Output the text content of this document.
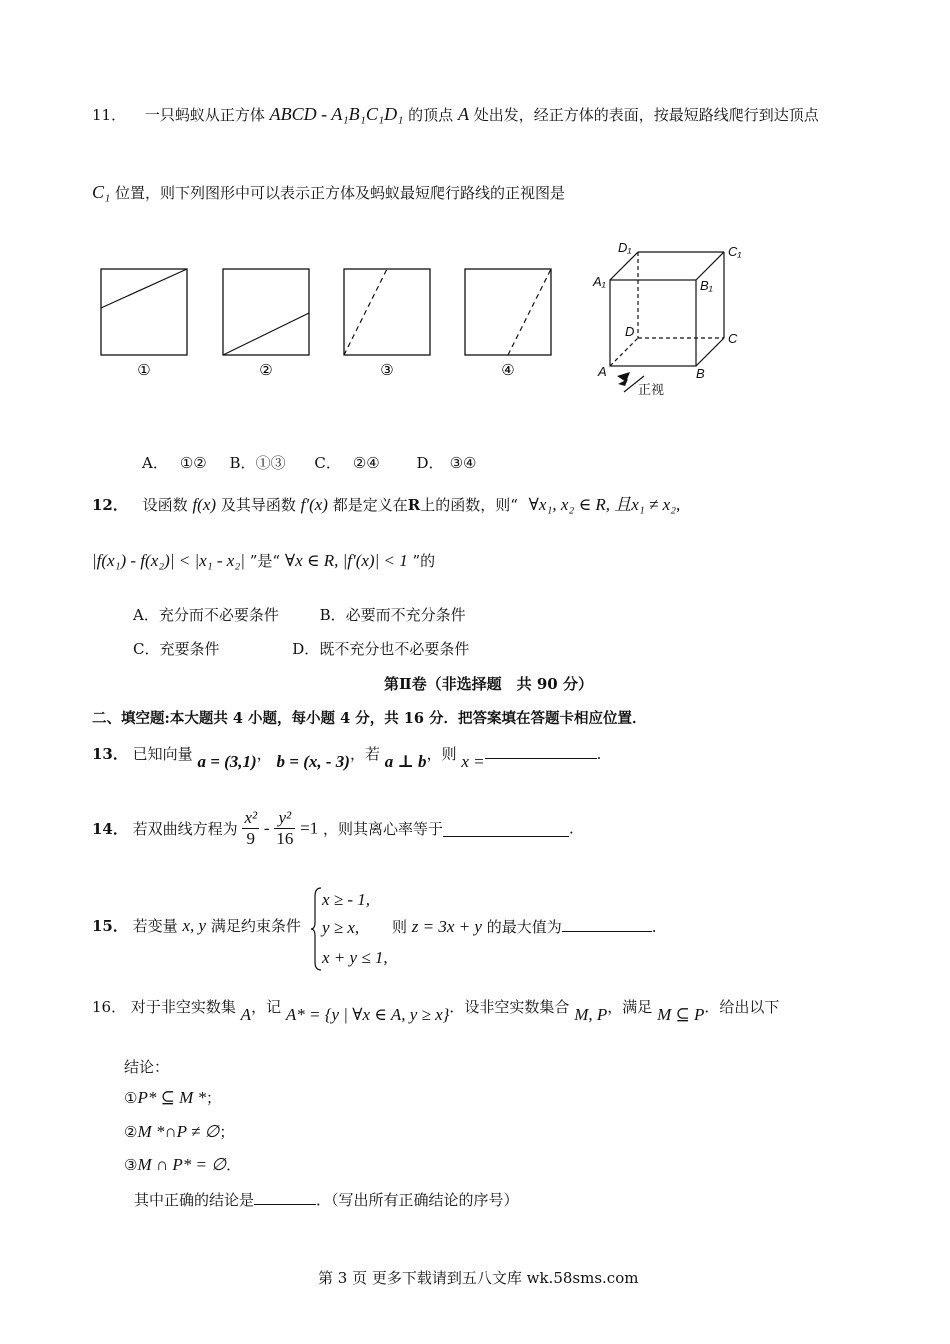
11． 一只蚂蚁从正方体 ABCD - A₁B₁C₁D₁ 的顶点 A 处出发，经正方体的表面，按最短路线爬行到达顶点
C₁ 位置，则下列图形中可以表示正方体及蚂蚁最短爬行路线的正视图是
①	②	③	④
D₁	C₁
A₁	B₁
D	C
A	B
正视
A． ①② B．①③ C． ②④ D． ③④
12． 设函数 f(x) 及其导函数 f′(x) 都是定义在R上的函数，则“ ∀x₁, x₂ ∈ R, 且x₁ ≠ x₂,
|f(x₁) - f(x₂)| < |x₁ - x₂| ”是“ ∀x ∈ R, |f′(x)| < 1 ”的
A．充分而不必要条件	B．必要而不充分条件
C．充要条件	D．既不充分也不必要条件
第Ⅱ卷（非选择题　共 90 分）
二、填空题:本大题共 4 小题，每小题 4 分，共 16 分．把答案填在答题卡相应位置．
13． 已知向量 a = (3,1)， b = (x, - 3)，若 a ⊥ b，则 x =	.
14． 若双曲线方程为 $\frac{\text{x²}}{9} - \frac{\text{y²}}{16} =1$ ，则其离心率等于	.
15． 若变量 x, y 满足约束条件
x ≥ - 1,
y ≥ x,
x + y ≤ 1,
则 z = 3x + y 的最大值为	.
16． 对于非空实数集 A，记 A* = {y | ∀x ∈ A, y ≥ x}．设非空实数集合 M, P，满足 M ⊆ P．给出以下
结论：
①P* ⊆ M *；
②M *∩P ≠ ∅；
③M ∩ P* = ∅．
其中正确的结论是	．（写出所有正确结论的序号）
第 3 页 更多下载请到五八文库 wk.58sms.com
